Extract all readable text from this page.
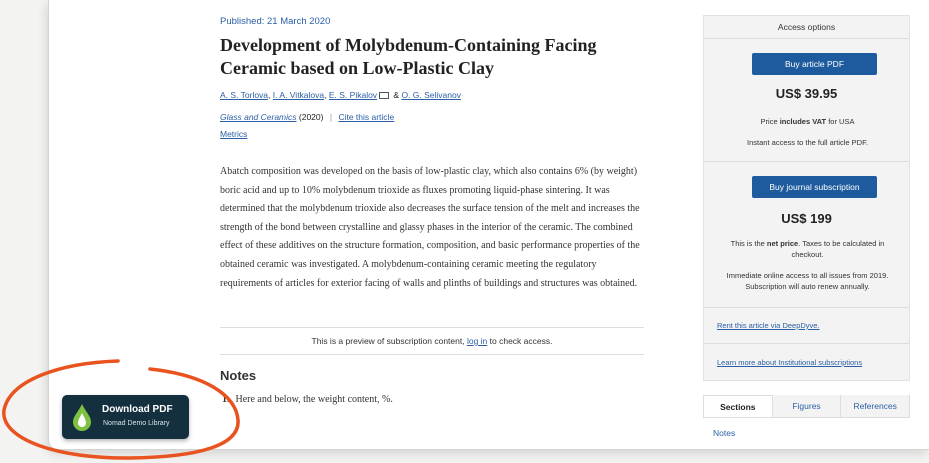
Published: 21 March 2020
Development of Molybdenum-Containing Facing Ceramic based on Low-Plastic Clay
A. S. Torlova, I. A. Vitkalova, E. S. Pikalov & O. G. Selivanov
Glass and Ceramics (2020) | Cite this article
Metrics

Abatch composition was developed on the basis of low-plastic clay, which also contains 6% (by weight) boric acid and up to 10% molybdenum trioxide as fluxes promoting liquid-phase sintering. It was determined that the molybdenum trioxide also decreases the surface tension of the melt and increases the strength of the bond between crystalline and glassy phases in the interior of the ceramic. The combined effect of these additives on the structure formation, composition, and basic performance properties of the obtained ceramic was investigated. A molybdenum-containing ceramic meeting the regulatory requirements of articles for exterior facing of walls and plinths of buildings and structures was obtained.

This is a preview of subscription content, log in to check access.
Notes
1. Here and below, the weight content, %.
Access options
Buy article PDF
US$ 39.95
Price includes VAT for USA
Instant access to the full article PDF.
Buy journal subscription
US$ 199
This is the net price. Taxes to be calculated in checkout.
Immediate online access to all issues from 2019. Subscription will auto renew annually.
Rent this article via DeepDyve.
Learn more about Institutional subscriptions
Sections	Figures	References
Notes
Download PDF
Nomad Demo Library
